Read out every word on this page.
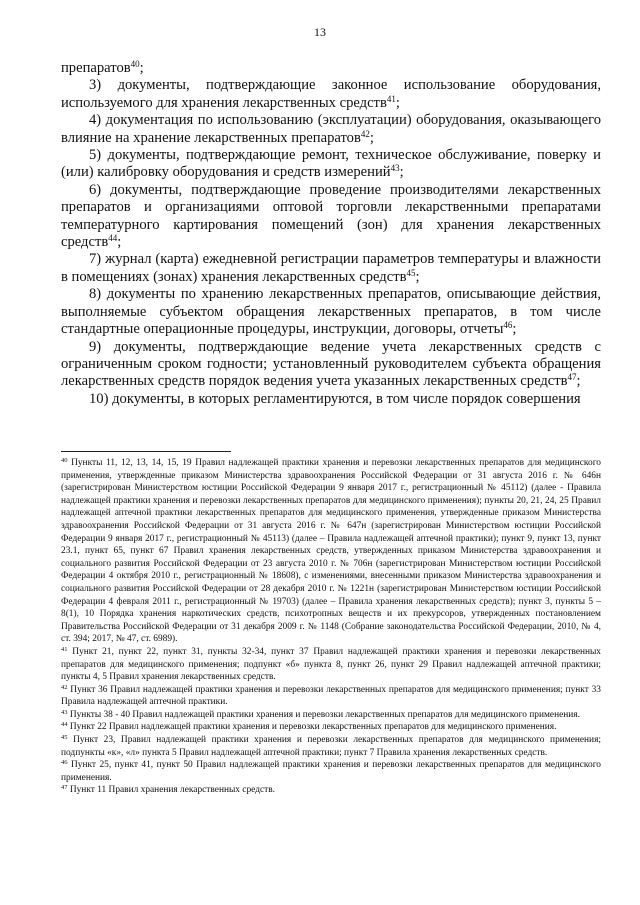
13

препаратов$^{40}$;

3) документы, подтверждающие законное использование оборудования, используемого для хранения лекарственных средств$^{41}$;

4) документация по использованию (эксплуатации) оборудования, оказывающего влияние на хранение лекарственных препаратов$^{42}$;

5) документы, подтверждающие ремонт, техническое обслуживание, поверку и (или) калибровку оборудования и средств измерений$^{43}$;

6) документы, подтверждающие проведение производителями лекарственных препаратов и организациями оптовой торговли лекарственными препаратами температурного картирования помещений (зон) для хранения лекарственных средств$^{44}$;

7) журнал (карта) ежедневной регистрации параметров температуры и влажности в помещениях (зонах) хранения лекарственных средств$^{45}$;

8) документы по хранению лекарственных препаратов, описывающие действия, выполняемые субъектом обращения лекарственных препаратов, в том числе стандартные операционные процедуры, инструкции, договоры, отчеты$^{46}$;

9) документы, подтверждающие ведение учета лекарственных средств с ограниченным сроком годности; установленный руководителем субъекта обращения лекарственных средств порядок ведения учета указанных лекарственных средств$^{47}$;

10) документы, в которых регламентируются, в том числе порядок совершения

$^{40}$ Пункты 11, 12, 13, 14, 15, 19 Правил надлежащей практики хранения и перевозки лекарственных препаратов для медицинского применения, утвержденные приказом Министерства здравоохранения Российской Федерации от 31 августа 2016 г. № 646н (зарегистрирован Министерством юстиции Российской Федерации 9 января 2017 г., регистрационный № 45112) (далее - Правила надлежащей практики хранения и перевозки лекарственных препаратов для медицинского применения); пункты 20, 21, 24, 25 Правил надлежащей аптечной практики лекарственных препаратов для медицинского применения, утвержденные приказом Министерства здравоохранения Российской Федерации от 31 августа 2016 г. № 647н (зарегистрирован Министерством юстиции Российской Федерации 9 января 2017 г., регистрационный № 45113) (далее – Правила надлежащей аптечной практики); пункт 9, пункт 13, пункт 23.1, пункт 65, пункт 67 Правил хранения лекарственных средств, утвержденных приказом Министерства здравоохранения и социального развития Российской Федерации от 23 августа 2010 г. № 706н (зарегистрирован Министерством юстиции Российской Федерации 4 октября 2010 г., регистрационный № 18608), с изменениями, внесенными приказом Министерства здравоохранения и социального развития Российской Федерации от 28 декабря 2010 г. № 1221н (зарегистрирован Министерством юстиции Российской Федерации 4 февраля 2011 г., регистрационный № 19703) (далее – Правила хранения лекарственных средств); пункт 3, пункты 5 – 8(1), 10 Порядка хранения наркотических средств, психотропных веществ и их прекурсоров, утвержденных постановлением Правительства Российской Федерации от 31 декабря 2009 г. № 1148 (Собрание законодательства Российской Федерации, 2010, № 4, ст. 394; 2017, № 47, ст. 6989).

$^{41}$ Пункт 21, пункт 22, пункт 31, пункты 32-34, пункт 37 Правил надлежащей практики хранения и перевозки лекарственных препаратов для медицинского применения; подпункт «б» пункта 8, пункт 26, пункт 29 Правил надлежащей аптечной практики; пункты 4, 5 Правил хранения лекарственных средств.

$^{42}$ Пункт 36 Правил надлежащей практики хранения и перевозки лекарственных препаратов для медицинского применения; пункт 33 Правила надлежащей аптечной практики.

$^{43}$ Пункты 38 - 40 Правил надлежащей практики хранения и перевозки лекарственных препаратов для медицинского применения.

$^{44}$ Пункт 22 Правил надлежащей практики хранения и перевозки лекарственных препаратов для медицинского применения.

$^{45}$ Пункт 23, Правил надлежащей практики хранения и перевозки лекарственных препаратов для медицинского применения; подпункты «к», «л» пункта 5 Правил надлежащей аптечной практики; пункт 7 Правила хранения лекарственных средств.

$^{46}$ Пункт 25, пункт 41, пункт 50 Правил надлежащей практики хранения и перевозки лекарственных препаратов для медицинского применения.

$^{47}$ Пункт 11 Правил хранения лекарственных средств.
